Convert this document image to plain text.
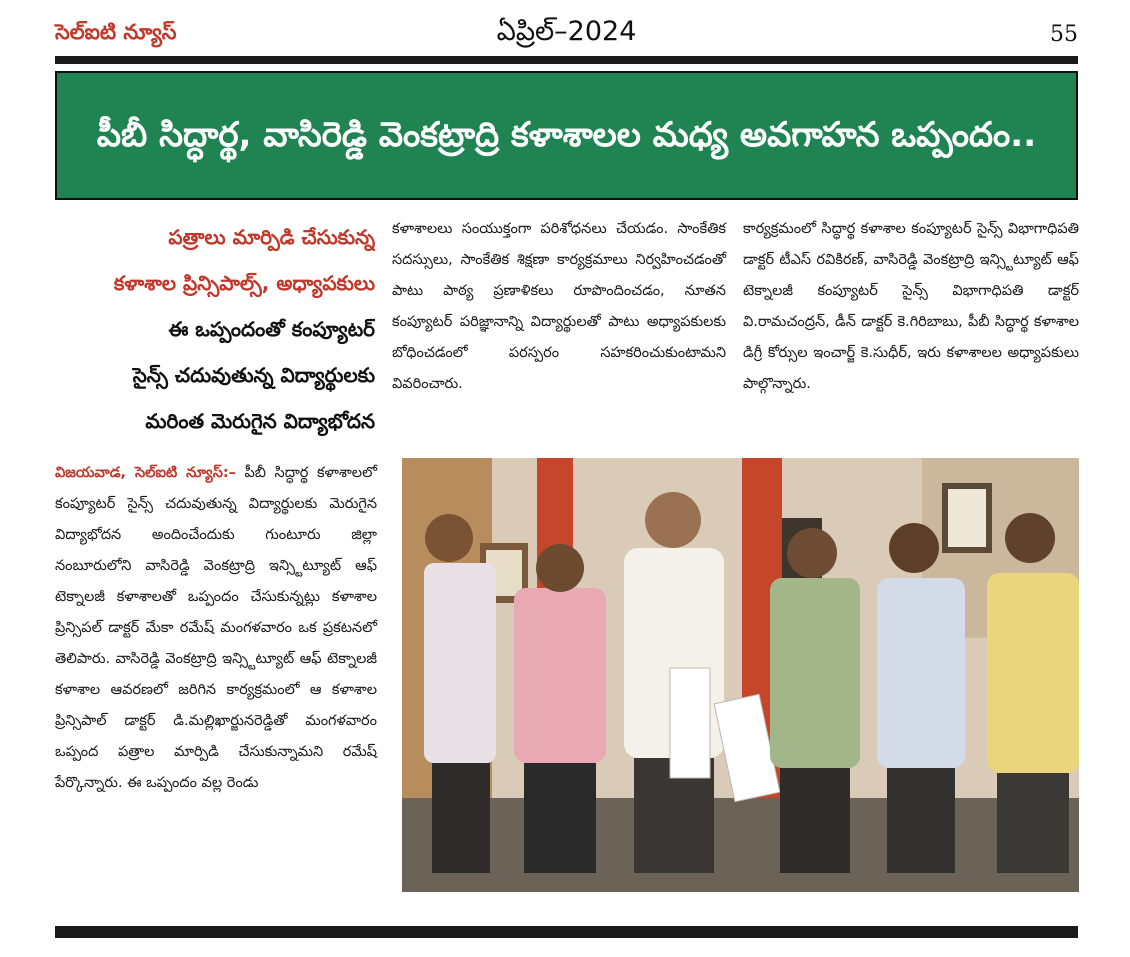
సెల్ఐటి న్యూస్	ఏప్రిల్–2024	55
పీబీ సిద్ధార్థ, వాసిరెడ్డి వెంకట్రాద్రి కళాశాలల మధ్య అవగాహన ఒప్పందం..

పత్రాలు మార్పిడి చేసుకున్న

కళాశాల ప్రిన్సిపాల్స్, అధ్యాపకులు

ఈ ఒప్పందంతో కంప్యూటర్

సైన్స్ చదువుతున్న విద్యార్థులకు

మరింత మెరుగైన విద్యాభోదన

విజయవాడ, సెల్ఐటి న్యూస్:– పీబీ సిద్ధార్థ కళాశాలలో కంప్యూటర్ సైన్స్ చదువుతున్న విద్యార్థులకు మెరుగైన విద్యాభోదన అందించేందుకు గుంటూరు జిల్లా నంబూరులోని వాసిరెడ్డి వెంకట్రాద్రి ఇన్స్టిట్యూట్ ఆఫ్ టెక్నాలజీ కళాశాలతో ఒప్పందం చేసుకున్నట్లు కళాశాల ప్రిన్సిపల్ డాక్టర్ మేకా రమేష్ మంగళవారం ఒక ప్రకటనలో తెలిపారు. వాసిరెడ్డి వెంకట్రాద్రి ఇన్స్టిట్యూట్ ఆఫ్ టెక్నాలజీ కళాశాల ఆవరణలో జరిగిన కార్యక్రమంలో ఆ కళాశాల ప్రిన్సిపాల్ డాక్టర్ డి.మల్లిఖార్జునరెడ్డితో మంగళవారం ఒప్పంద పత్రాల మార్పిడి చేసుకున్నామని రమేష్ పేర్కొన్నారు. ఈ ఒప్పందం వల్ల రెండు
కళాశాలలు సంయుక్తంగా పరిశోధనలు చేయడం. సాంకేతిక సదస్సులు, సాంకేతిక శిక్షణా కార్యక్రమాలు నిర్వహించడంతో పాటు పాఠ్య ప్రణాళికలు రూపొందించడం, నూతన కంప్యూటర్ పరిజ్ఞానాన్ని విద్యార్థులతో పాటు అధ్యాపకులకు బోధించడంలో పరస్పరం సహకరించుకుంటామని వివరించారు.
కార్యక్రమంలో సిద్ధార్థ కళాశాల కంప్యూటర్ సైన్స్ విభాగాధిపతి డాక్టర్ టీఎస్ రవికిరణ్, వాసిరెడ్డి వెంకట్రాద్రి ఇన్స్టిట్యూట్ ఆఫ్ టెక్నాలజీ కంప్యూటర్ సైన్స్ విభాగాధిపతి డాక్టర్ వి.రామచంద్రన్, డీన్ డాక్టర్ కె.గిరిబాబు, పీబీ సిద్ధార్థ కళాశాల డిగ్రీ కోర్సుల ఇంచార్జ్ కె.సుధీర్, ఇరు కళాశాలల అధ్యాపకులు పాల్గొన్నారు.
